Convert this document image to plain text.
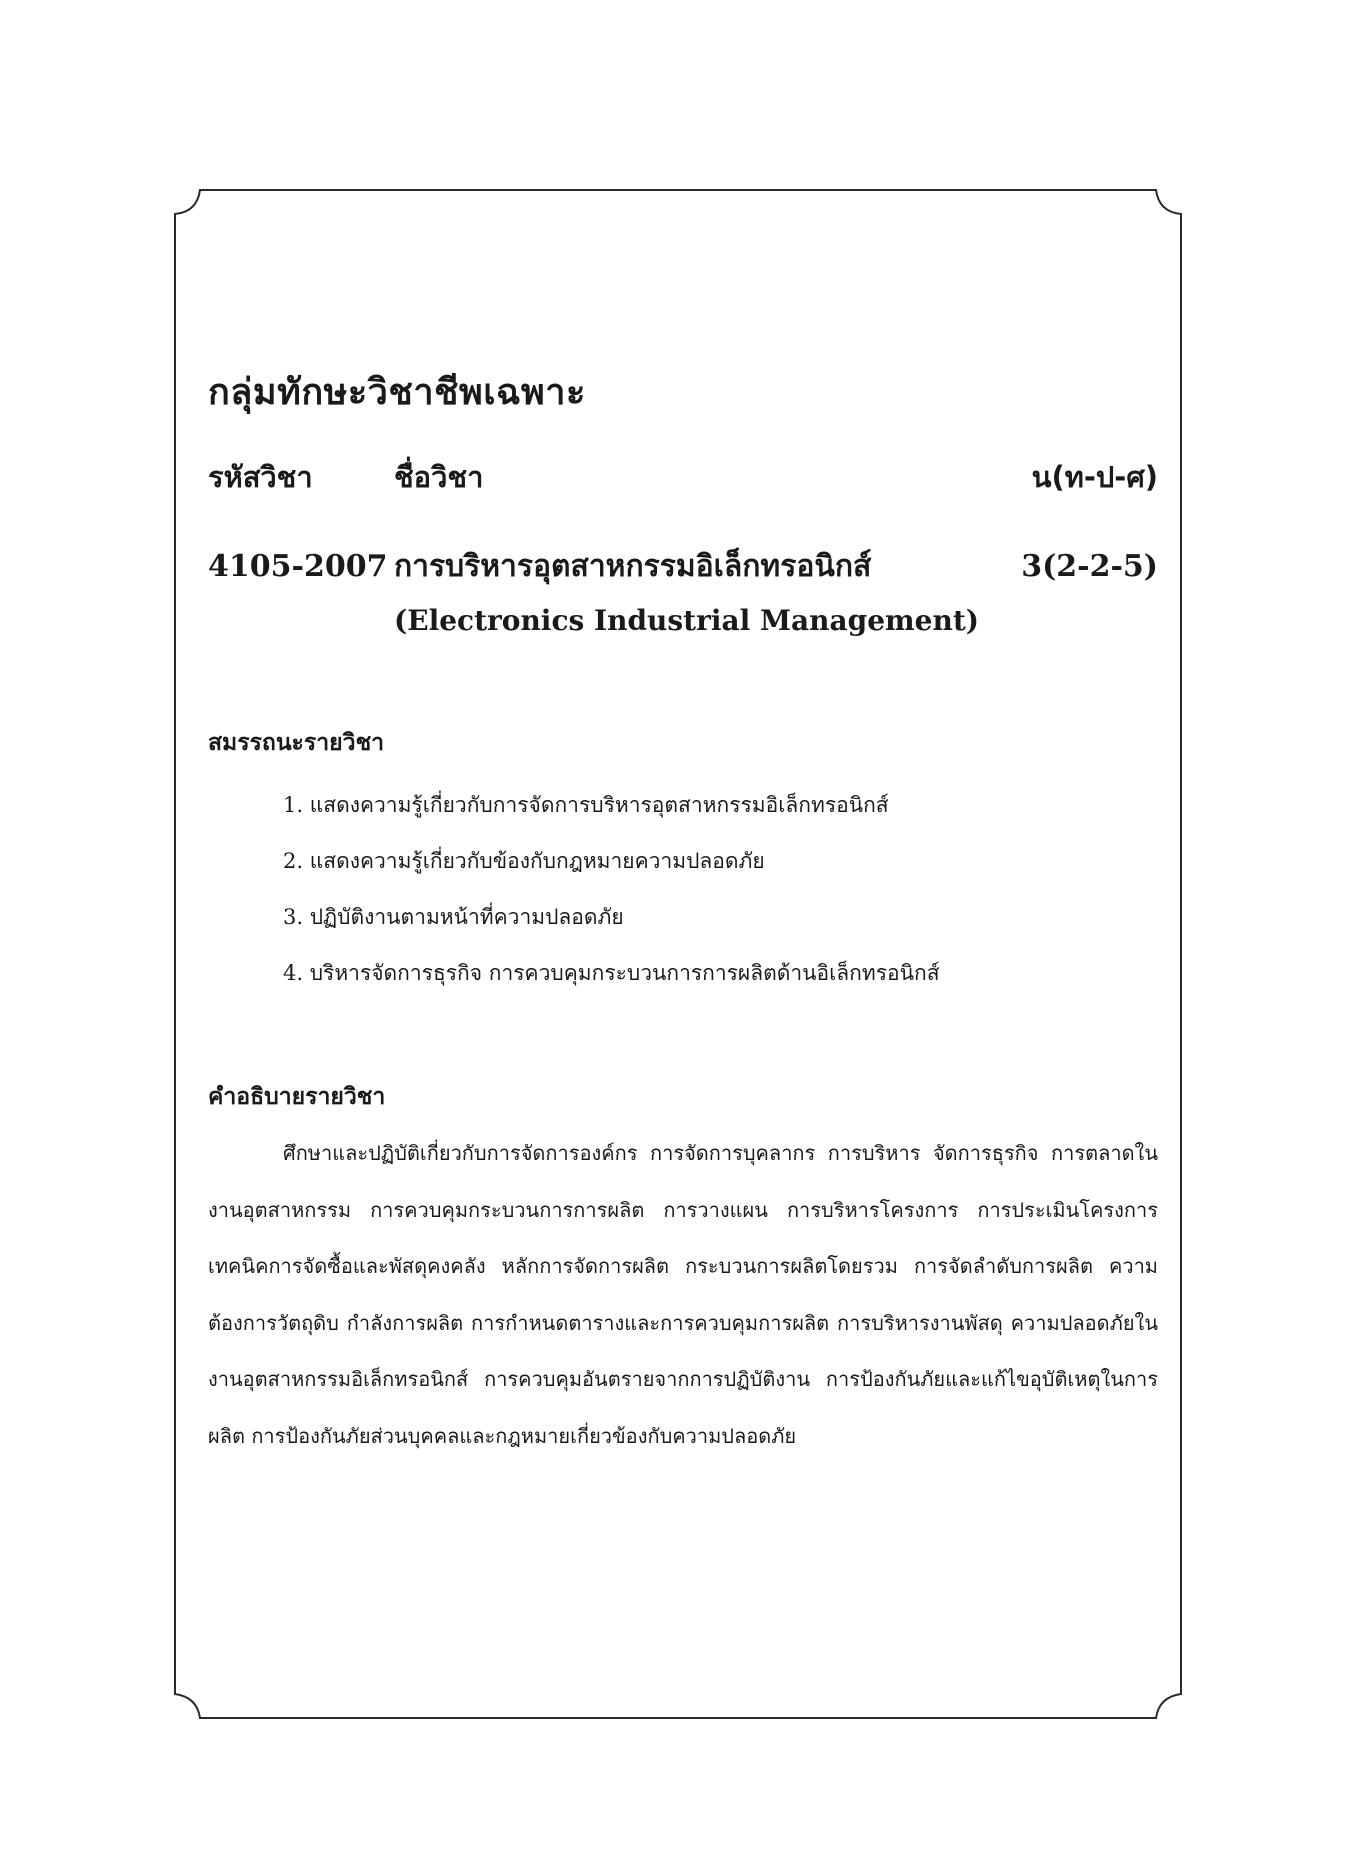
กลุ่มทักษะวิชาชีพเฉพาะ
รหัสวิชา	ชื่อวิชา	น(ท-ป-ศ)
4105-2007 การบริหารอุตสาหกรรมอิเล็กทรอนิกส์	3(2-2-5)
(Electronics Industrial Management)
สมรรถนะรายวิชา
1. แสดงความรู้เกี่ยวกับการจัดการบริหารอุตสาหกรรมอิเล็กทรอนิกส์
2. แสดงความรู้เกี่ยวกับข้องกับกฎหมายความปลอดภัย
3. ปฏิบัติงานตามหน้าที่ความปลอดภัย
4. บริหารจัดการธุรกิจ การควบคุมกระบวนการการผลิตด้านอิเล็กทรอนิกส์
คำอธิบายรายวิชา

ศึกษาและปฏิบัติเกี่ยวกับการจัดการองค์กร การจัดการบุคลากร การบริหาร จัดการธุรกิจ การตลาดในงานอุตสาหกรรม การควบคุมกระบวนการการผลิต การวางแผน การบริหารโครงการ การประเมินโครงการ เทคนิคการจัดซื้อและพัสดุคงคลัง หลักการจัดการผลิต กระบวนการผลิตโดยรวม การจัดลำดับการผลิต ความต้องการวัตถุดิบ กำลังการผลิต การกำหนดตารางและการควบคุมการผลิต การบริหารงานพัสดุ ความปลอดภัยในงานอุตสาหกรรมอิเล็กทรอนิกส์ การควบคุมอันตรายจากการปฏิบัติงาน การป้องกันภัยและแก้ไขอุบัติเหตุในการผลิต การป้องกันภัยส่วนบุคคลและกฎหมายเกี่ยวข้องกับความปลอดภัย
